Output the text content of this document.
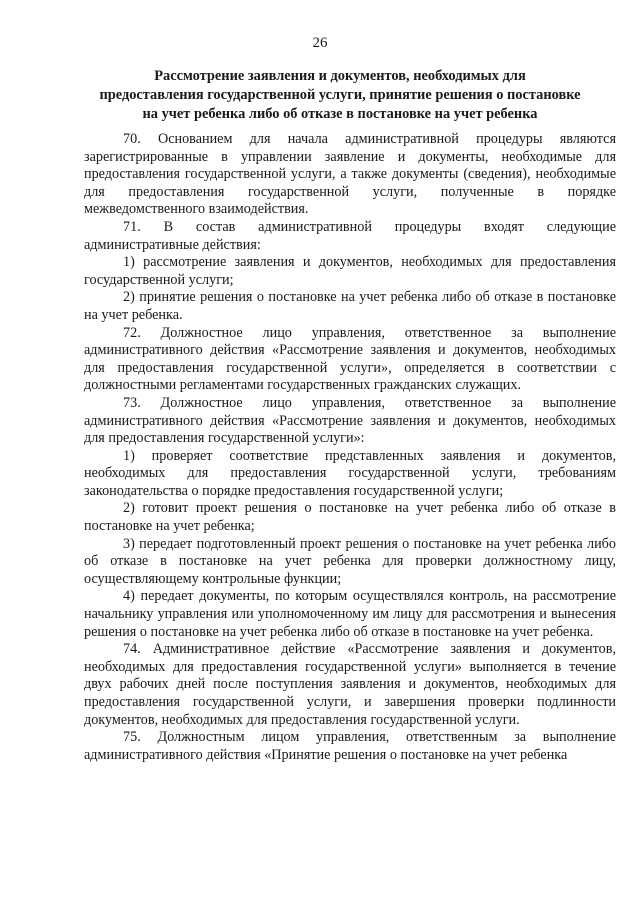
26
Рассмотрение заявления и документов, необходимых для
предоставления государственной услуги, принятие решения о постановке
на учет ребенка либо об отказе в постановке на учет ребенка

70. Основанием для начала административной процедуры являются зарегистрированные в управлении заявление и документы, необходимые для предоставления государственной услуги, а также документы (сведения), необходимые для предоставления государственной услуги, полученные в порядке межведомственного взаимодействия.

71. В состав административной процедуры входят следующие административные действия:

1) рассмотрение заявления и документов, необходимых для предоставления государственной услуги;

2) принятие решения о постановке на учет ребенка либо об отказе в постановке на учет ребенка.

72. Должностное лицо управления, ответственное за выполнение административного действия «Рассмотрение заявления и документов, необходимых для предоставления государственной услуги», определяется в соответствии с должностными регламентами государственных гражданских служащих.

73. Должностное лицо управления, ответственное за выполнение административного действия «Рассмотрение заявления и документов, необходимых для предоставления государственной услуги»:

1) проверяет соответствие представленных заявления и документов, необходимых для предоставления государственной услуги, требованиям законодательства о порядке предоставления государственной услуги;

2) готовит проект решения о постановке на учет ребенка либо об отказе в постановке на учет ребенка;

3) передает подготовленный проект решения о постановке на учет ребенка либо об отказе в постановке на учет ребенка для проверки должностному лицу, осуществляющему контрольные функции;

4) передает документы, по которым осуществлялся контроль, на рассмотрение начальнику управления или уполномоченному им лицу для рассмотрения и вынесения решения о постановке на учет ребенка либо об отказе в постановке на учет ребенка.

74. Административное действие «Рассмотрение заявления и документов, необходимых для предоставления государственной услуги» выполняется в течение двух рабочих дней после поступления заявления и документов, необходимых для предоставления государственной услуги, и завершения проверки подлинности документов, необходимых для предоставления государственной услуги.

75. Должностным лицом управления, ответственным за выполнение административного действия «Принятие решения о постановке на учет ребенка
